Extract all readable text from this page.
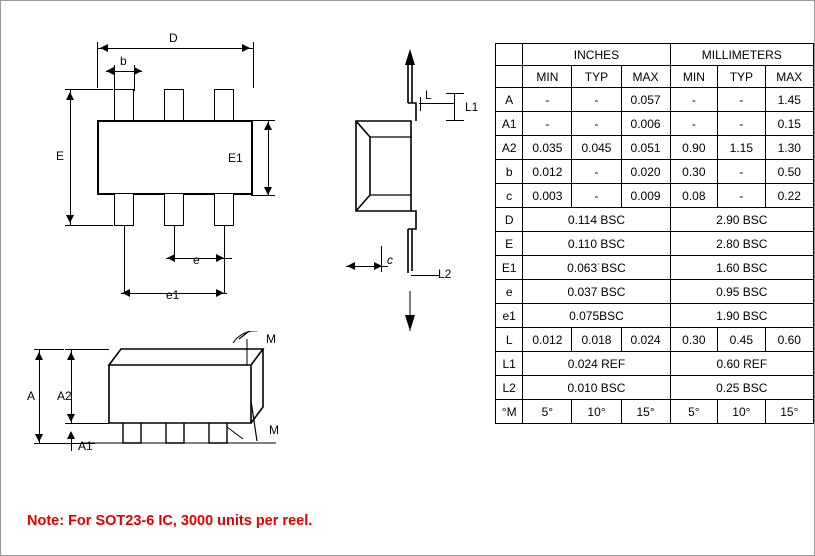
D
b
E	E1
e
e1
L
L1
c
L2
A A2
A1
M
M
	INCHES			MILLIMETERS		
	MIN	TYP	MAX	MIN	TYP	MAX
A	-	-	0.057	-	-	1.45
A1	-	-	0.006	-	-	0.15
A2	0.035	0.045	0.051	0.90	1.15	1.30
b	0.012	-	0.020	0.30	-	0.50
c	0.003	-	0.009	0.08	-	0.22
D	0.114 BSC			2.90 BSC		
E	0.110 BSC			2.80 BSC		
E1	0.063˙BSC			1.60 BSC		
e	0.037 BSC			0.95 BSC		
e1	0.075BSC			1.90 BSC		
L	0.012	0.018	0.024	0.30	0.45	0.60
L1	0.024 REF			0.60 REF		
L2	0.010 BSC			0.25 BSC		
°M	5°	10°	15°	5°	10°	15°
Note: For SOT23-6 IC, 3000 units per reel.
